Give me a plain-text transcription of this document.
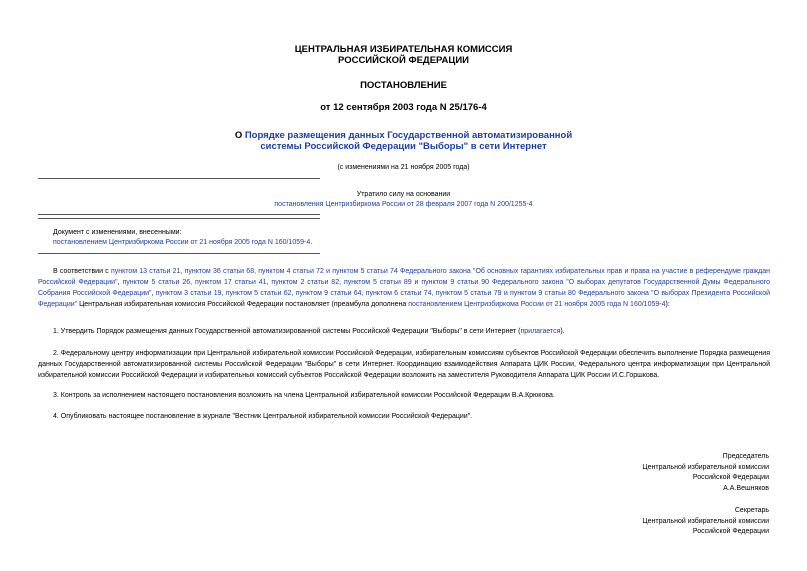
ЦЕНТРАЛЬНАЯ ИЗБИРАТЕЛЬНАЯ КОМИССИЯ
РОССИЙСКОЙ ФЕДЕРАЦИИ
ПОСТАНОВЛЕНИЕ
от 12 сентября 2003 года N 25/176-4
О Порядке размещения данных Государственной автоматизированной
системы Российской Федерации "Выборы" в сети Интернет
(с изменениями на 21 ноября 2005 года)
Утратило силу на основании
постановления Центризбиркома России от 28 февраля 2007 года N 200/1255-4
Документ с изменениями, внесенными:
постановлением Центризбиркома России от 21 ноября 2005 года N 160/1059-4.
В соответствии с пунктом 13 статьи 21, пунктом 36 статьи 68, пунктом 4 статьи 72 и пунктом 5 статьи 74 Федерального закона "Об основных гарантиях избирательных прав и права на участие в референдуме граждан Российской Федерации", пунктом 5 статьи 26, пунктом 17 статьи 41, пунктом 2 статьи 82, пунктом 5 статьи 89 и пунктом 9 статьи 90 Федерального закона "О выборах депутатов Государственной Думы Федерального Собрания Российской Федерации", пунктом 3 статьи 19, пунктом 5 статьи 62, пунктом 9 статьи 64, пунктом 6 статьи 74, пунктом 5 статьи 79 и пунктом 9 статьи 80 Федерального закона "О выборах Президента Российской Федерации" Центральная избирательная комиссия Российской Федерации постановляет (преамбула дополнена постановлением Центризбиркома России от 21 ноября 2005 года N 160/1059-4):
1. Утвердить Порядок размещения данных Государственной автоматизированной системы Российской Федерации "Выборы" в сети Интернет (прилагается).
2. Федеральному центру информатизации при Центральной избирательной комиссии Российской Федерации, избирательным комиссиям субъектов Российской Федерации обеспечить выполнение Порядка размещения данных Государственной автоматизированной системы Российской Федерации "Выборы" в сети Интернет. Координацию взаимодействия Аппарата ЦИК России, Федерального центра информатизации при Центральной избирательной комиссии Российской Федерации и избирательных комиссий субъектов Российской Федерации возложить на заместителя Руководителя Аппарата ЦИК России И.С.Горшкова.
3. Контроль за исполнением настоящего постановления возложить на члена Центральной избирательной комиссии Российской Федерации В.А.Крюкова.
4. Опубликовать настоящее постановление в журнале "Вестник Центральной избирательной комиссии Российской Федерации".
Председатель
Центральной избирательной комиссии
Российской Федерации
А.А.Вешняков
Секретарь
Центральной избирательной комиссии
Российской Федерации
